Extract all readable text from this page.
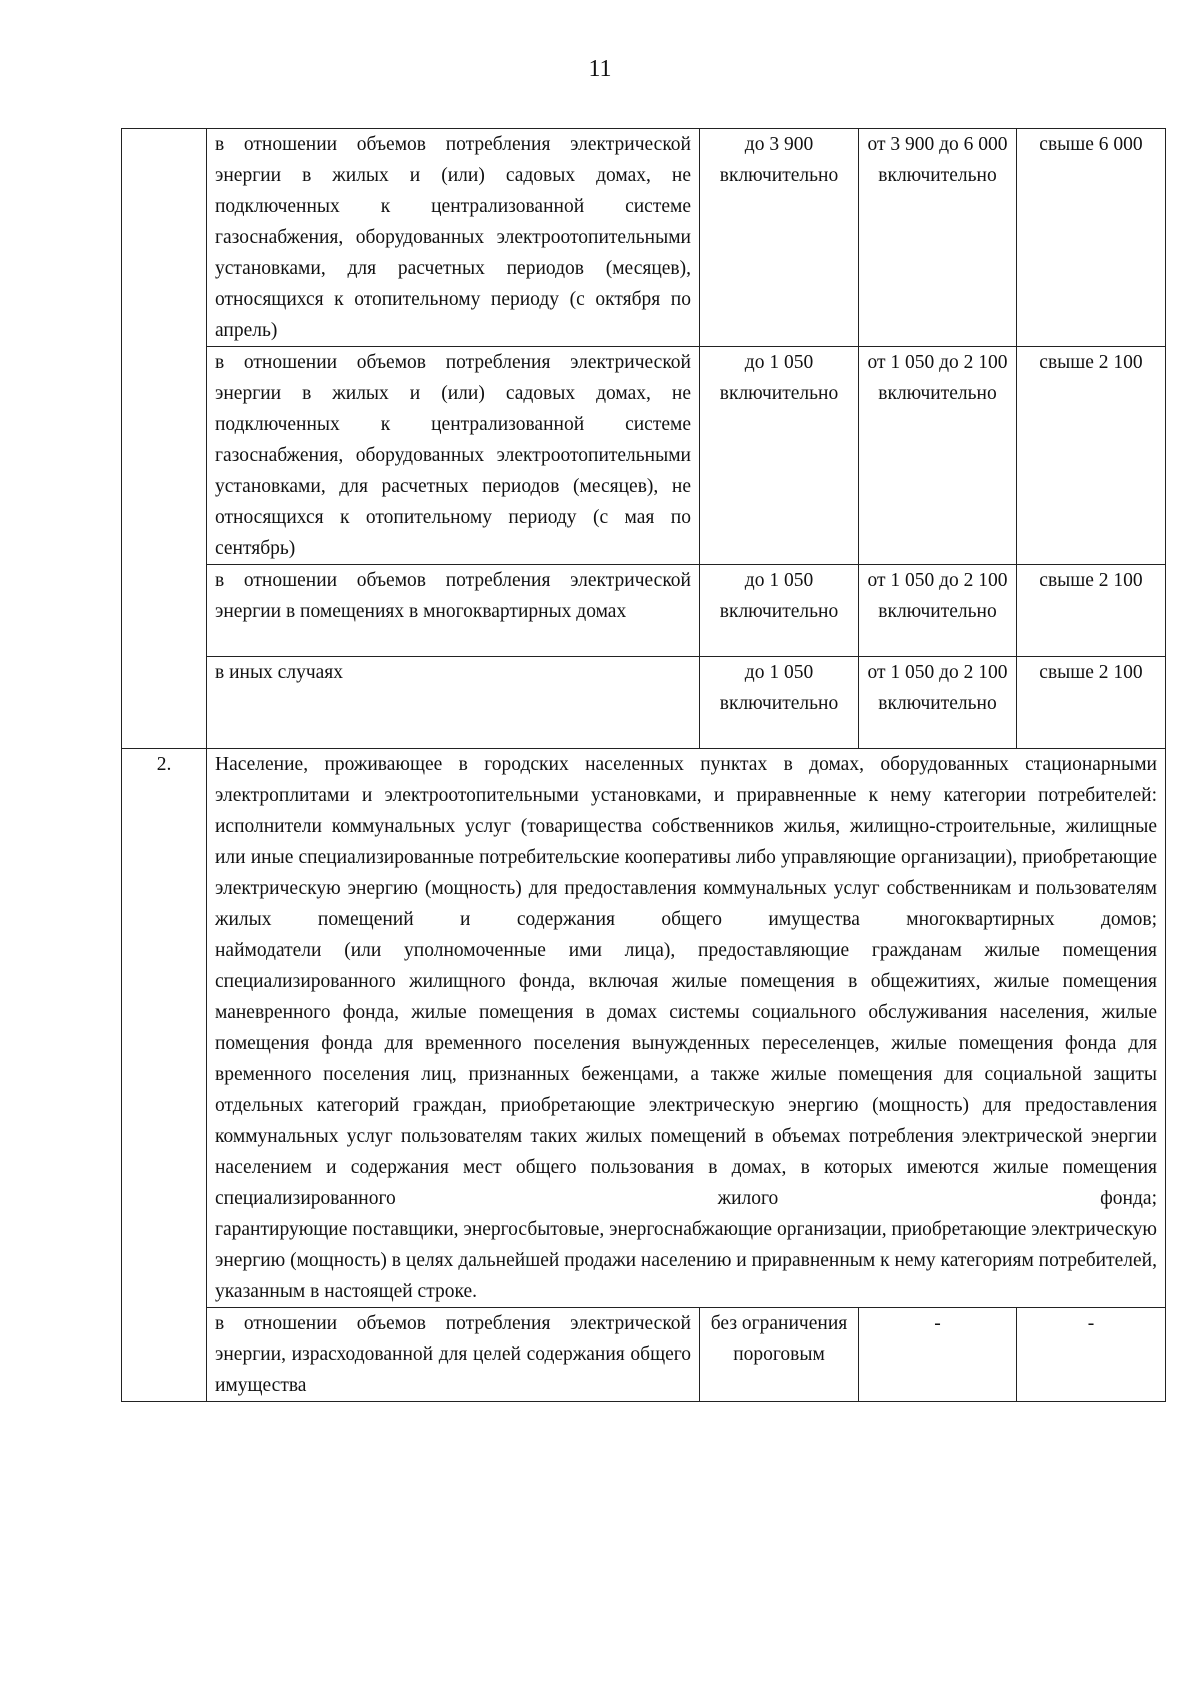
11
	в отношении объемов потребления электрической энергии в жилых и (или) садовых домах, не подключенных к централизованной системе газоснабжения, оборудованных электроотопительными установками, для расчетных периодов (месяцев), относящихся к отопительному периоду (с октября по апрель)	до 3 900 включительно	от 3 900 до 6 000 включительно	свыше 6 000
	в отношении объемов потребления электрической энергии в жилых и (или) садовых домах, не подключенных к централизованной системе газоснабжения, оборудованных электроотопительными установками, для расчетных периодов (месяцев), не относящихся к отопительному периоду (с мая по сентябрь)	до 1 050 включительно	от 1 050 до 2 100 включительно	свыше 2 100
	в отношении объемов потребления электрической энергии в помещениях в многоквартирных домах	до 1 050 включительно	от 1 050 до 2 100 включительно	свыше 2 100
	в иных случаях	до 1 050 включительно	от 1 050 до 2 100 включительно	свыше 2 100
2.	Население, проживающее в городских населенных пунктах в домах, оборудованных стационарными электроплитами и электроотопительными установками, и приравненные к нему категории потребителей:

исполнители коммунальных услуг (товарищества собственников жилья, жилищно-строительные, жилищные или иные специализированные потребительские кооперативы либо управляющие организации), приобретающие электрическую энергию (мощность) для предоставления коммунальных услуг собственникам и пользователям жилых помещений и содержания общего имущества многоквартирных домов;

наймодатели (или уполномоченные ими лица), предоставляющие гражданам жилые помещения специализированного жилищного фонда, включая жилые помещения в общежитиях, жилые помещения маневренного фонда, жилые помещения в домах системы социального обслуживания населения, жилые помещения фонда для временного поселения вынужденных переселенцев, жилые помещения фонда для временного поселения лиц, признанных беженцами, а также жилые помещения для социальной защиты отдельных категорий граждан, приобретающие электрическую энергию (мощность) для предоставления коммунальных услуг пользователям таких жилых помещений в объемах потребления электрической энергии населением и содержания мест общего пользования в домах, в которых имеются жилые помещения специализированного жилого фонда;

гарантирующие поставщики, энергосбытовые, энергоснабжающие организации, приобретающие электрическую энергию (мощность) в целях дальнейшей продажи населению и приравненным к нему категориям потребителей, указанным в настоящей строке.			

	в отношении объемов потребления электрической энергии, израсходованной для целей содержания общего имущества	без ограничения пороговым	-	-
